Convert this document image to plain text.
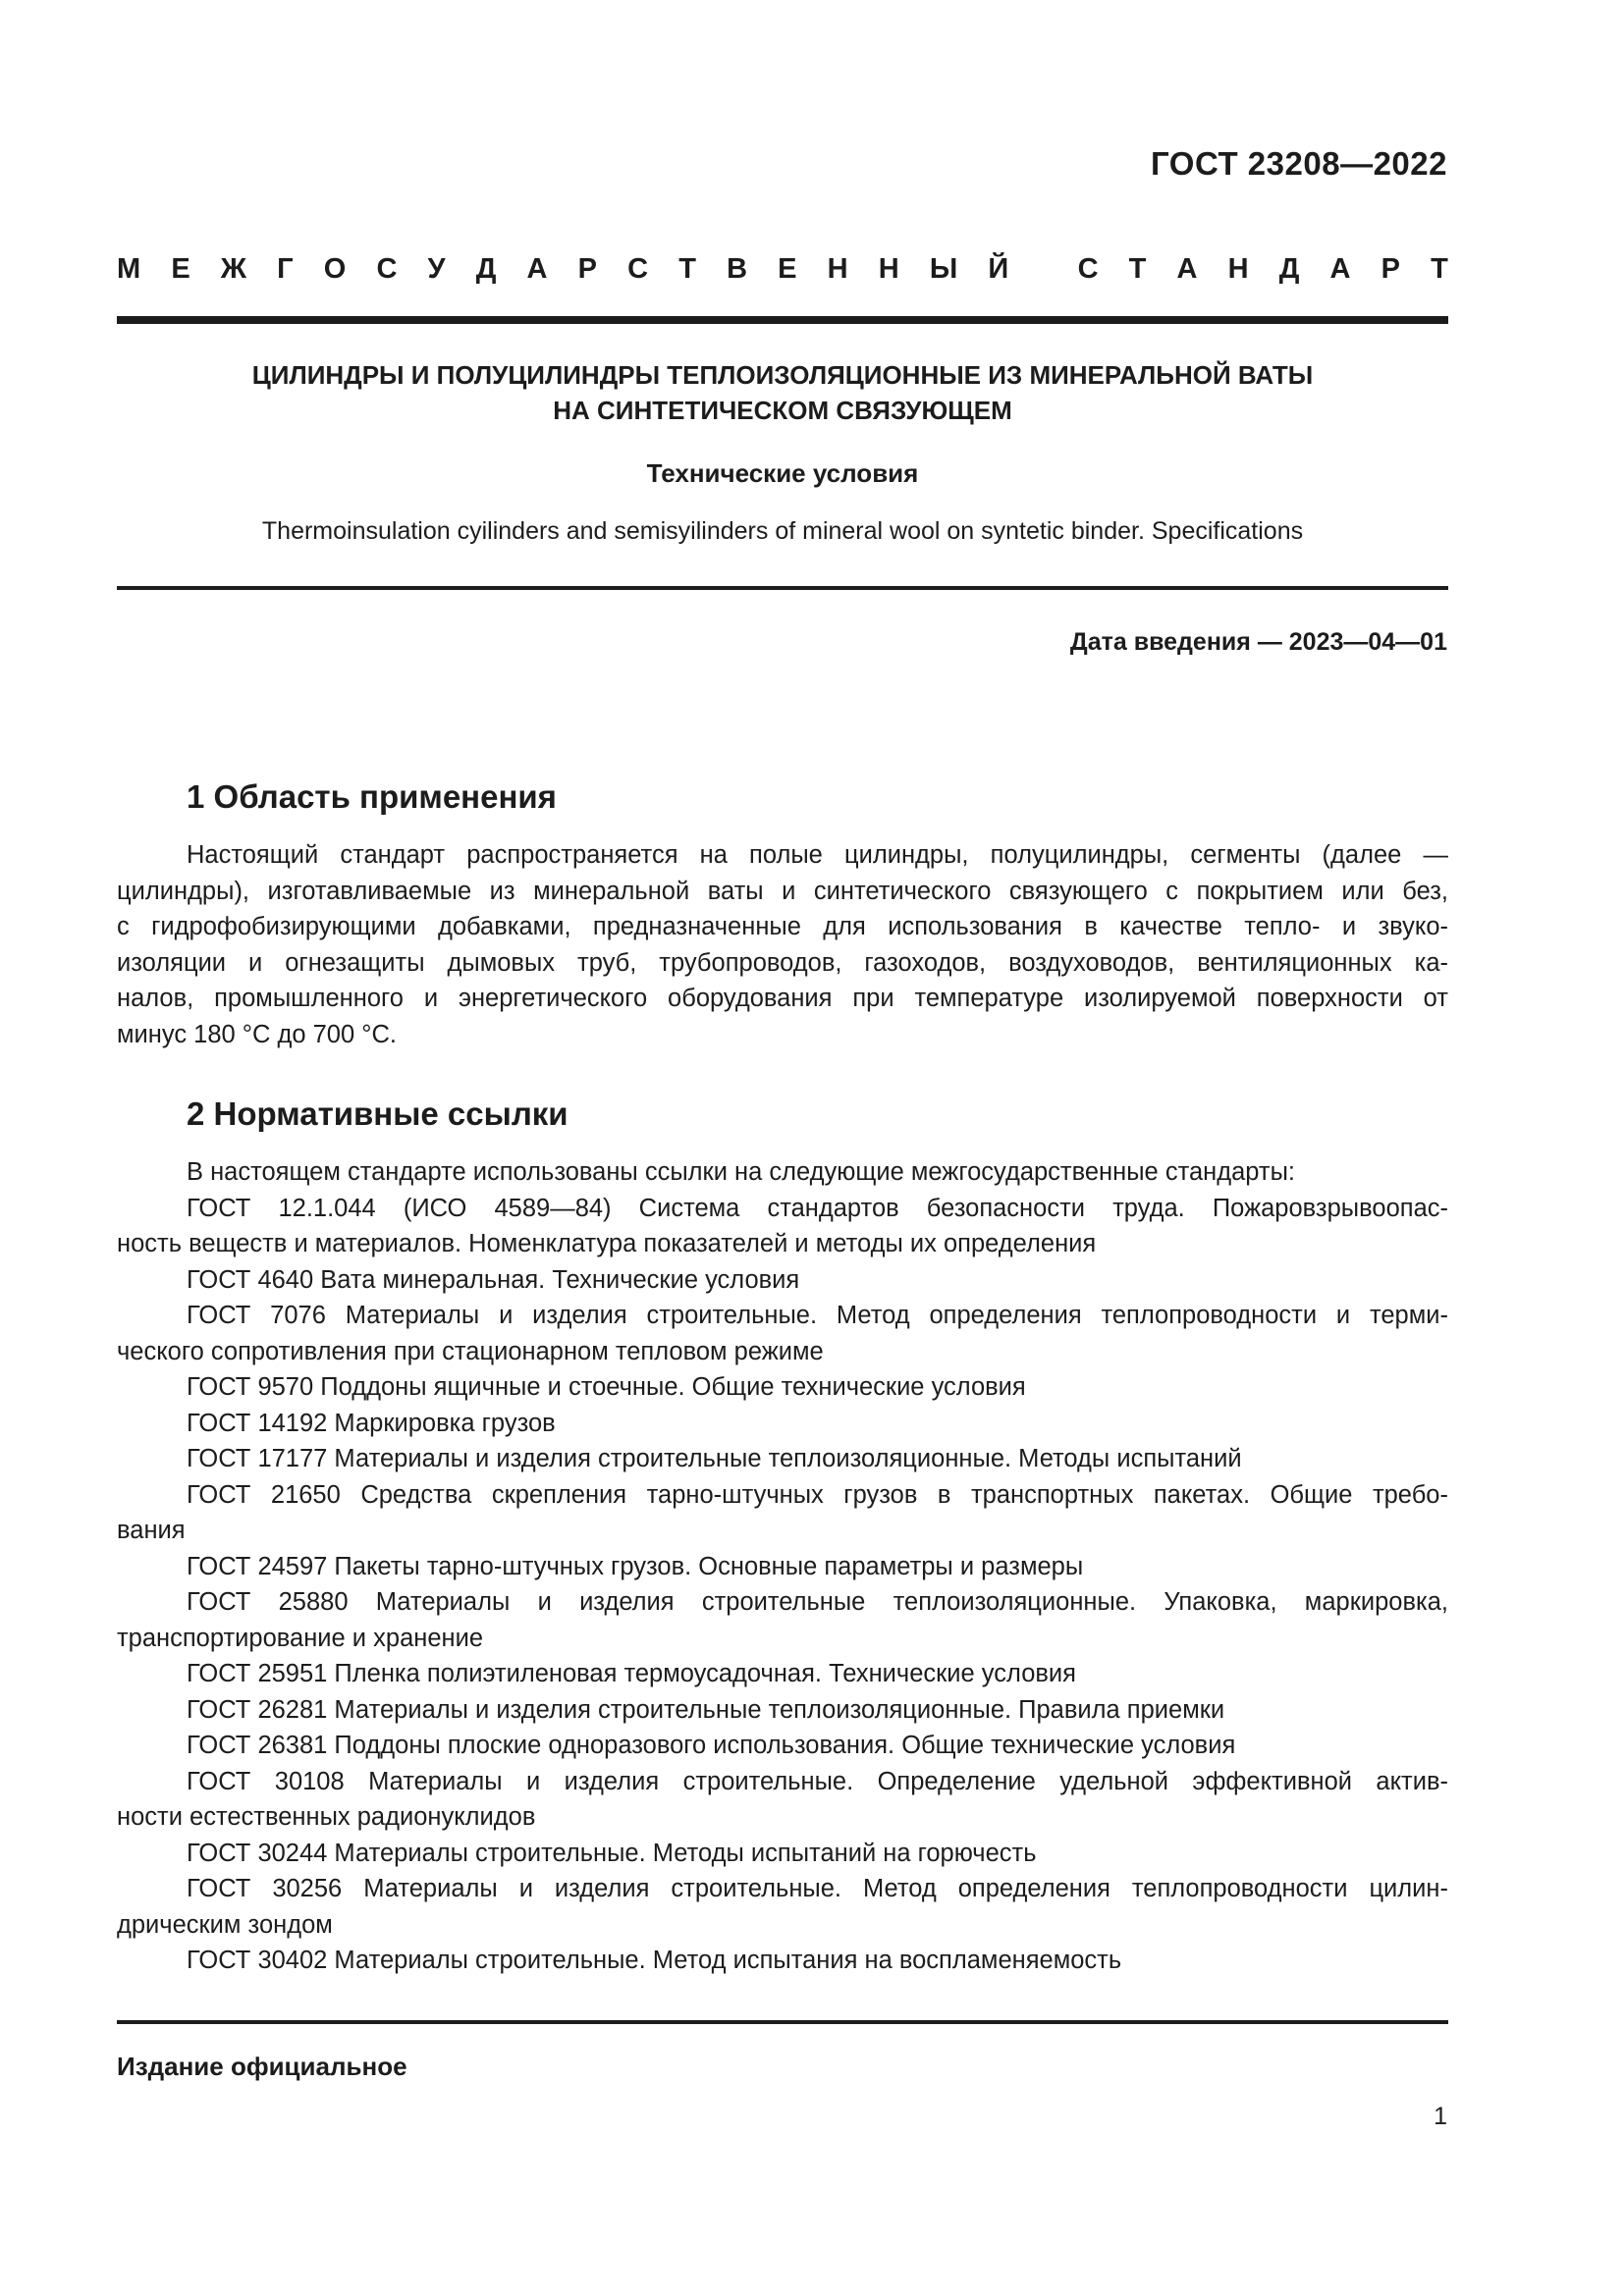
ГОСТ 23208—2022
М Е Ж Г О С У Д А Р С Т В Е Н Н Ы Й
С Т А Н Д А Р Т
ЦИЛИНДРЫ И ПОЛУЦИЛИНДРЫ ТЕПЛОИЗОЛЯЦИОННЫЕ ИЗ МИНЕРАЛЬНОЙ ВАТЫ
НА СИНТЕТИЧЕСКОМ СВЯЗУЮЩЕМ
Технические условия
Thermoinsulation cyilinders and semisyilinders of mineral wool on syntetic binder. Specifications
Дата введения — 2023—04—01
1 Область применения
Настоящий стандарт распространяется на полые цилиндры, полуцилиндры, сегменты (далее —
цилиндры), изготавливаемые из минеральной ваты и синтетического связующего с покрытием или без,
с гидрофобизирующими добавками, предназначенные для использования в качестве тепло- и звуко-
изоляции и огнезащиты дымовых труб, трубопроводов, газоходов, воздуховодов, вентиляционных ка-
налов, промышленного и энергетического оборудования при температуре изолируемой поверхности от
минус 180 °С до 700 °С.
2 Нормативные ссылки
В настоящем стандарте использованы ссылки на следующие межгосударственные стандарты:
ГОСТ 12.1.044 (ИСО 4589—84) Система стандартов безопасности труда. Пожаровзрывоопас-
ность веществ и материалов. Номенклатура показателей и методы их определения
ГОСТ 4640 Вата минеральная. Технические условия
ГОСТ 7076 Материалы и изделия строительные. Метод определения теплопроводности и терми-
ческого сопротивления при стационарном тепловом режиме
ГОСТ 9570 Поддоны ящичные и стоечные. Общие технические условия
ГОСТ 14192 Маркировка грузов
ГОСТ 17177 Материалы и изделия строительные теплоизоляционные. Методы испытаний
ГОСТ 21650 Средства скрепления тарно-штучных грузов в транспортных пакетах. Общие требо-
вания
ГОСТ 24597 Пакеты тарно-штучных грузов. Основные параметры и размеры
ГОСТ 25880 Материалы и изделия строительные теплоизоляционные. Упаковка, маркировка,
транспортирование и хранение
ГОСТ 25951 Пленка полиэтиленовая термоусадочная. Технические условия
ГОСТ 26281 Материалы и изделия строительные теплоизоляционные. Правила приемки
ГОСТ 26381 Поддоны плоские одноразового использования. Общие технические условия
ГОСТ 30108 Материалы и изделия строительные. Определение удельной эффективной актив-
ности естественных радионуклидов
ГОСТ 30244 Материалы строительные. Методы испытаний на горючесть
ГОСТ 30256 Материалы и изделия строительные. Метод определения теплопроводности цилин-
дрическим зондом
ГОСТ 30402 Материалы строительные. Метод испытания на воспламеняемость
Издание официальное
1
